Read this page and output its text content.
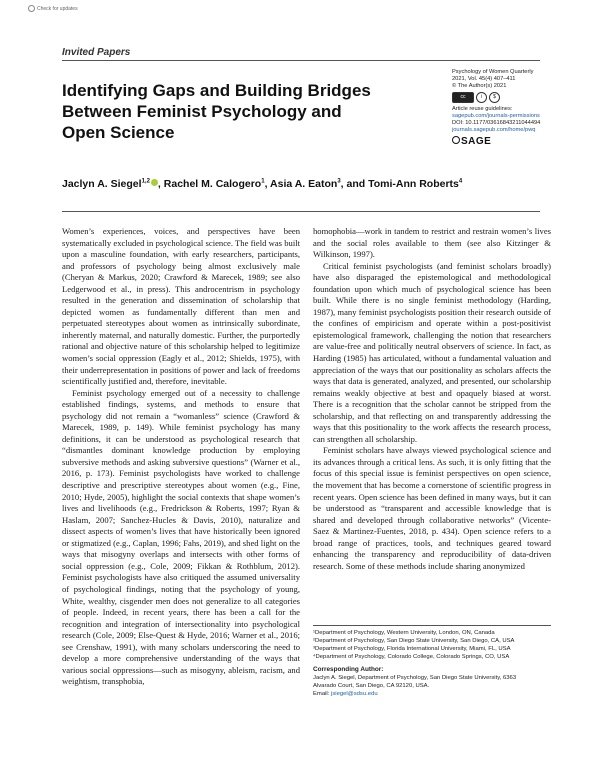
Check for updates
Invited Papers
Identifying Gaps and Building Bridges Between Feminist Psychology and Open Science
Psychology of Women Quarterly
2021, Vol. 45(4) 407–411
© The Author(s) 2021
cc	i	$
Article reuse guidelines:
sagepub.com/journals-permissions
DOI: 10.1177/03616843211044494
journals.sagepub.com/home/pwq
SAGE
Jaclyn A. Siegel$^{1,2}$ , Rachel M. Calogero$^1$, Asia A. Eaton$^3$, and Tomi-Ann Roberts$^4$

Women’s experiences, voices, and perspectives have been systematically excluded in psychological science. The field was built upon a masculine foundation, with early researchers, participants, and professors of psychology being almost exclusively male (Cheryan & Markus, 2020; Crawford & Marecek, 1989; see also Ledgerwood et al., in press). This androcentrism in psychology resulted in the generation and dissemination of scholarship that depicted women as fundamentally different than men and perpetuated stereotypes about women as intrinsically subordinate, inherently maternal, and naturally domestic. Further, the purportedly rational and objective nature of this scholarship helped to legitimize women’s social oppression (Eagly et al., 2012; Shields, 1975), with their underrepresentation in positions of power and lack of freedoms scientifically justified and, therefore, inevitable.

Feminist psychology emerged out of a necessity to challenge established findings, systems, and methods to ensure that psychology did not remain a “womanless” science (Crawford & Marecek, 1989, p. 149). While feminist psychology has many definitions, it can be understood as psychological research that “dismantles dominant knowledge production by employing subversive methods and asking subversive questions” (Warner et al., 2016, p. 173). Feminist psychologists have worked to challenge descriptive and prescriptive stereotypes about women (e.g., Fine, 2010; Hyde, 2005), highlight the social contexts that shape women’s lives and livelihoods (e.g., Fredrickson & Roberts, 1997; Ryan & Haslam, 2007; Sanchez-Hucles & Davis, 2010), naturalize and dissect aspects of women’s lives that have historically been ignored or stigmatized (e.g., Caplan, 1996; Fahs, 2019), and shed light on the ways that misogyny overlaps and intersects with other forms of social oppression (e.g., Cole, 2009; Fikkan & Rothblum, 2012). Feminist psychologists have also critiqued the assumed universality of psychological findings, noting that the psychology of young, White, wealthy, cisgender men does not generalize to all categories of people. Indeed, in recent years, there has been a call for the recognition and integration of intersectionality into psychological research (Cole, 2009; Else-Quest & Hyde, 2016; Warner et al., 2016; see Crenshaw, 1991), with many scholars underscoring the need to develop a more comprehensive understanding of the ways that various social oppressions—such as misogyny, ableism, racism, and weightism, transphobia,

homophobia—work in tandem to restrict and restrain women’s lives and the social roles available to them (see also Kitzinger & Wilkinson, 1997).

Critical feminist psychologists (and feminist scholars broadly) have also disparaged the epistemological and methodological foundation upon which much of psychological science has been built. While there is no single feminist methodology (Harding, 1987), many feminist psychologists position their research outside of the confines of empiricism and operate within a post-positivist epistemological framework, challenging the notion that researchers are value-free and politically neutral observers of science. In fact, as Harding (1985) has articulated, without a fundamental valuation and appreciation of the ways that our positionality as scholars affects the ways that data is generated, analyzed, and presented, our scholarship remains weakly objective at best and opaquely biased at worst. There is a recognition that the scholar cannot be stripped from the scholarship, and that reflecting on and transparently addressing the ways that this positionality to the work affects the research process, can strengthen all scholarship.

Feminist scholars have always viewed psychological science and its advances through a critical lens. As such, it is only fitting that the focus of this special issue is feminist perspectives on open science, the movement that has become a cornerstone of scientific progress in recent years. Open science has been defined in many ways, but it can be understood as “transparent and accessible knowledge that is shared and developed through collaborative networks” (Vicente-Saez & Martinez-Fuentes, 2018, p. 434). Open science refers to a broad range of practices, tools, and techniques geared toward enhancing the transparency and reproducibility of data-driven research. Some of these methods include sharing anonymized

¹Department of Psychology, Western University, London, ON, Canada
²Department of Psychology, San Diego State University, San Diego, CA, USA
³Department of Psychology, Florida International University, Miami, FL, USA
⁴Department of Psychology, Colorado College, Colorado Springs, CO, USA
Corresponding Author:
Jaclyn A. Siegel, Department of Psychology, San Diego State University, 6363
Alvarado Court, San Diego, CA 92120, USA.
Email: jsiegel@sdsu.edu
